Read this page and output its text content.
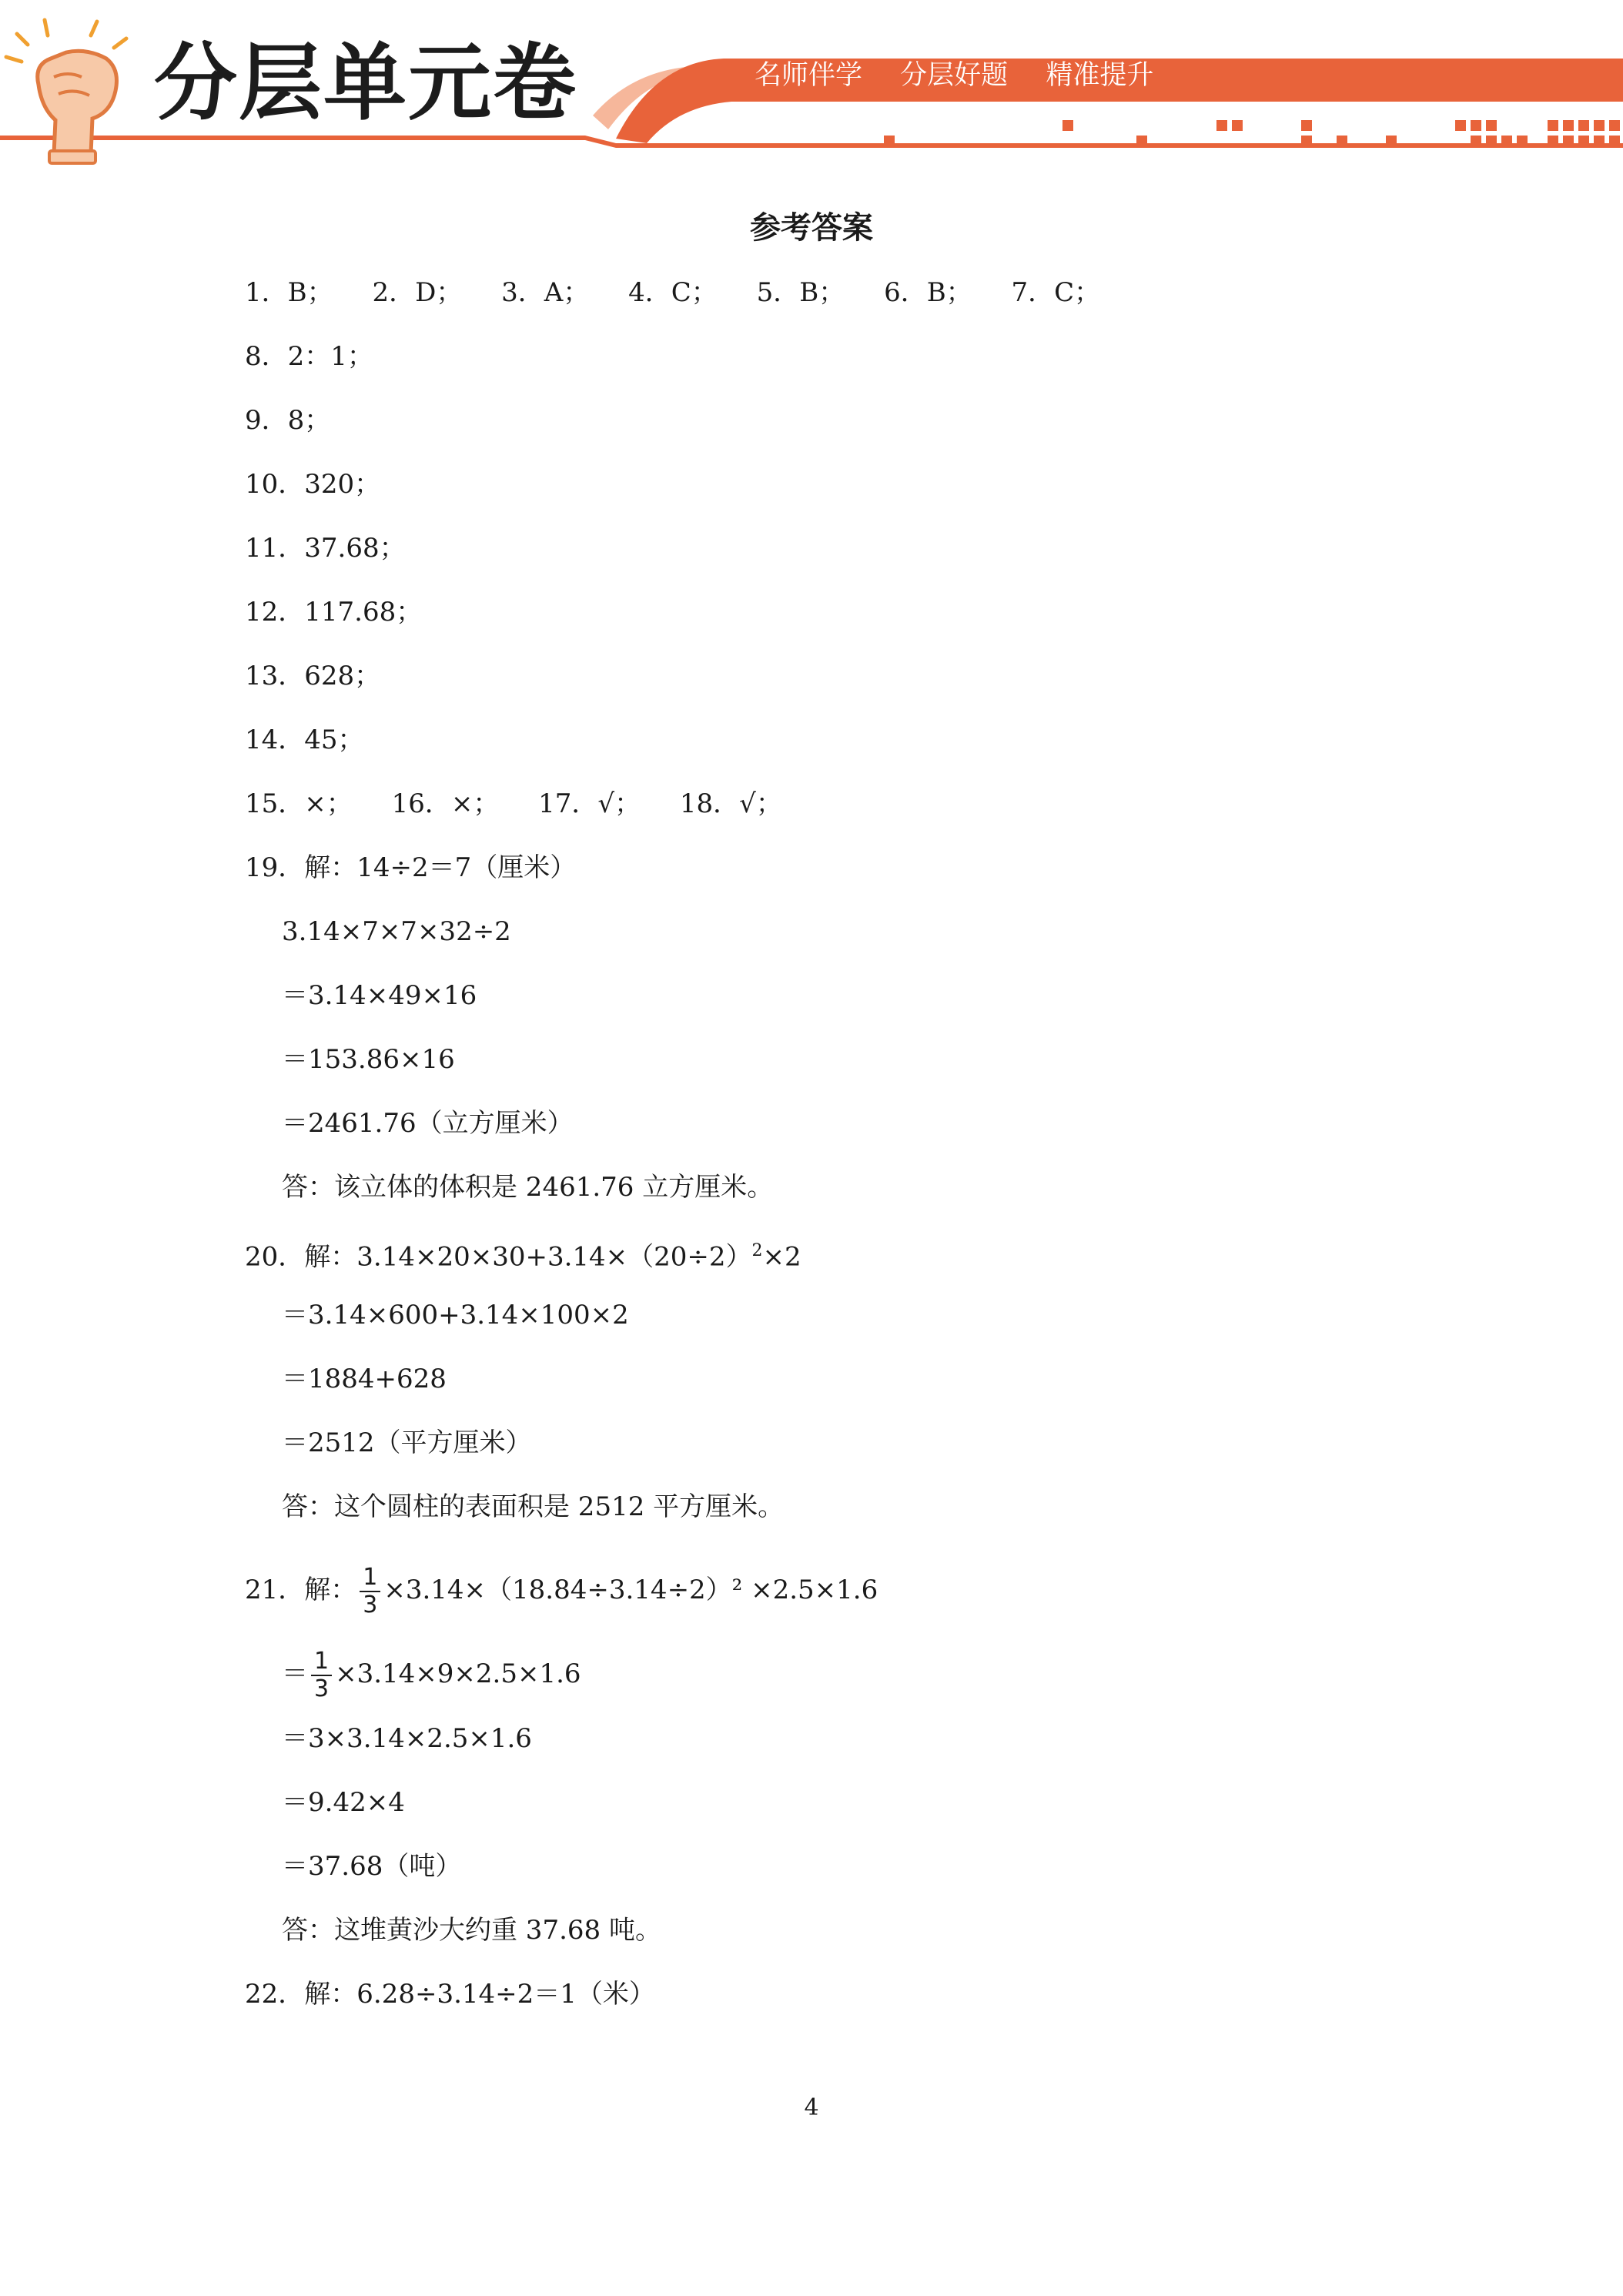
分层单元卷	名师伴学 分层好题 精准提升
参考答案
1．B； 2．D； 3．A； 4．C； 5．B； 6．B； 7．C；
8．2：1；
9．8；
10．320；
11．37.68；
12．117.68；
13．628；
14．45；
15．×； 16．×； 17．√； 18．√；
19．解：14÷2＝7（厘米）
3.14×7×7×32÷2
＝3.14×49×16
＝153.86×16
＝2461.76（立方厘米）
答：该立体的体积是 2461.76 立方厘米。
20．解：$3.14\times 20\times 30+3.14\times(20\div 2)^2\times 2$
＝3.14×600+3.14×100×2
＝1884+628
＝2512（平方厘米）
答：这个圆柱的表面积是 2512 平方厘米。
21．解： $\frac{1}{3} \times 3.14\times(18.84\div 3.14\div 2)^2 \times 2.5\times 1.6$
＝ $\frac{1}{3} \times 3.14\times 9\times 2.5\times 1.6$
＝3×3.14×2.5×1.6
＝9.42×4
＝37.68（吨）
答：这堆黄沙大约重 37.68 吨。
22．解：6.28÷3.14÷2＝1（米）
4
